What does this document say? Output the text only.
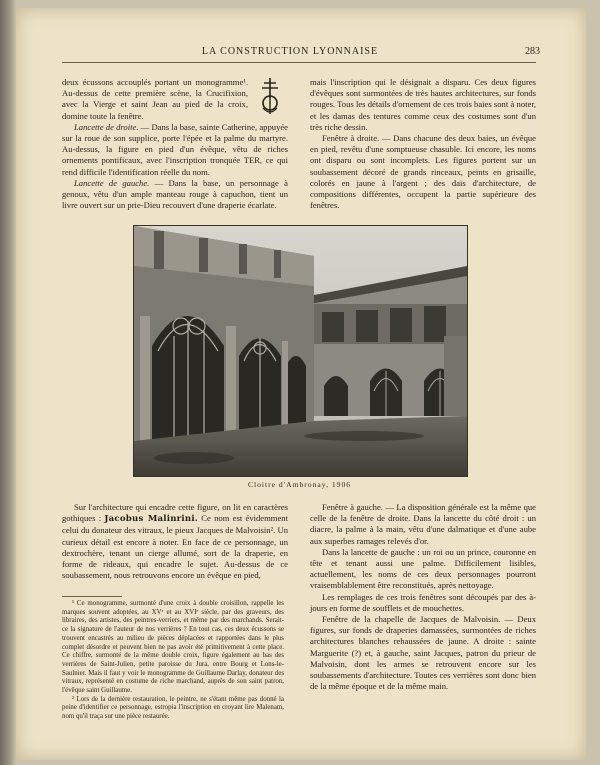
LA CONSTRUCTION LYONNAISE	283

deux écussons accouplés portant un monogramme¹. Au-dessus de cette première scène, la Crucifixion, avec la Vierge et saint Jean au pied de la croix, domine toute la fenêtre.

Lancette de droite. — Dans la base, sainte Catherine, appuyée sur la roue de son supplice, porte l'épée et la palme du martyre. Au-dessus, la figure en pied d'un évêque, vêtu de riches ornements pontificaux, avec l'inscription tronquée TER, ce qui rend difficile l'identification réelle du nom.

Lancette de gauche. — Dans la base, un personnage à genoux, vêtu d'un ample manteau rouge à capuchon, tient un livre ouvert sur un prie-Dieu recouvert d'une draperie écarlate.

mais l'inscription qui le désignait a disparu. Ces deux figures d'évêques sont surmontées de très hautes architectures, sur fonds rouges. Tous les détails d'ornement de ces trois baies sont à noter, et les damas des tentures comme ceux des costumes sont d'un très riche dessin.

Fenêtre à droite. — Dans chacune des deux baies, un évêque en pied, revêtu d'une somptueuse chasuble. Ici encore, les noms ont disparu ou sont incomplets. Les figures portent sur un soubassement décoré de grands rinceaux, peints en grisaille, colorés en jaune à l'argent ; des dais d'architecture, de compositions différentes, occupent la partie supérieure des fenêtres.

Cloitre d'Ambronay, 1906

Sur l'architecture qui encadre cette figure, on lit en caractères gothiques : Jacobus Malinrini. Ce nom est évidemment celui du donateur des vitraux, le pieux Jacques de Malvoisin². Un curieux détail est encore à noter. En face de ce personnage, un dextrochère, tenant un cierge allumé, sort de la draperie, en forme de rideaux, qui encadre le sujet. Au-dessus de ce soubassement, nous retrouvons encore un évêque en pied,

¹ Ce monogramme, surmonté d'une croix à double croisillon, rappelle les marques souvent adoptées, au XVᵉ et au XVIᵉ siècle, par des graveurs, des libraires, des artistes, des peintres-verriers, et même par des marchands. Serait-ce la signature de l'auteur de nos verrières ? En tout cas, ces deux écussons se trouvent encastrés au milieu de pièces déplacées et rapportées dans le plus complet désordre et peuvent bien ne pas avoir été primitivement à cette place. Ce chiffre, surmonté de la même double croix, figure également au bas des verrières de Saint-Julien, petite paroisse du Jura, entre Bourg et Lons-le-Saulnier. Mais il faut y voir le monogramme de Guillaume Darlay, donateur des vitraux, représenté en costume de riche marchand, auprès de son saint patron, l'évêque saint Guillaume.

² Lors de la dernière restauration, le peintre, ne s'étant même pas donné la peine d'identifier ce personnage, estropia l'inscription en croyant lire Malenam, nom qu'il traça sur une pièce restaurée.

Fenêtre à gauche. — La disposition générale est la même que celle de la fenêtre de droite. Dans la lancette du côté droit : un diacre, la palme à la main, vêtu d'une dalmatique et d'une aube aux superbes ramages relevés d'or.

Dans la lancette de gauche : un roi ou un prince, couronne en tête et tenant aussi une palme. Difficilement lisibles, actuellement, les noms de ces deux personnages pourront vraisemblablement être reconstitués, après nettoyage.

Les remplages de ces trois fenêtres sont découpés par des à-jours en forme de soufflets et de mouchettes.

Fenêtre de la chapelle de Jacques de Malvoisin. — Deux figures, sur fonds de draperies damassées, surmontées de riches architectures blanches rehaussées de jaune. A droite : sainte Marguerite (?) et, à gauche, saint Jacques, patron du prieur de Malvoisin, dont les armes se retrouvent encore sur les soubassements d'architecture. Toutes ces verrières sont donc bien de la même époque et de la même main.
